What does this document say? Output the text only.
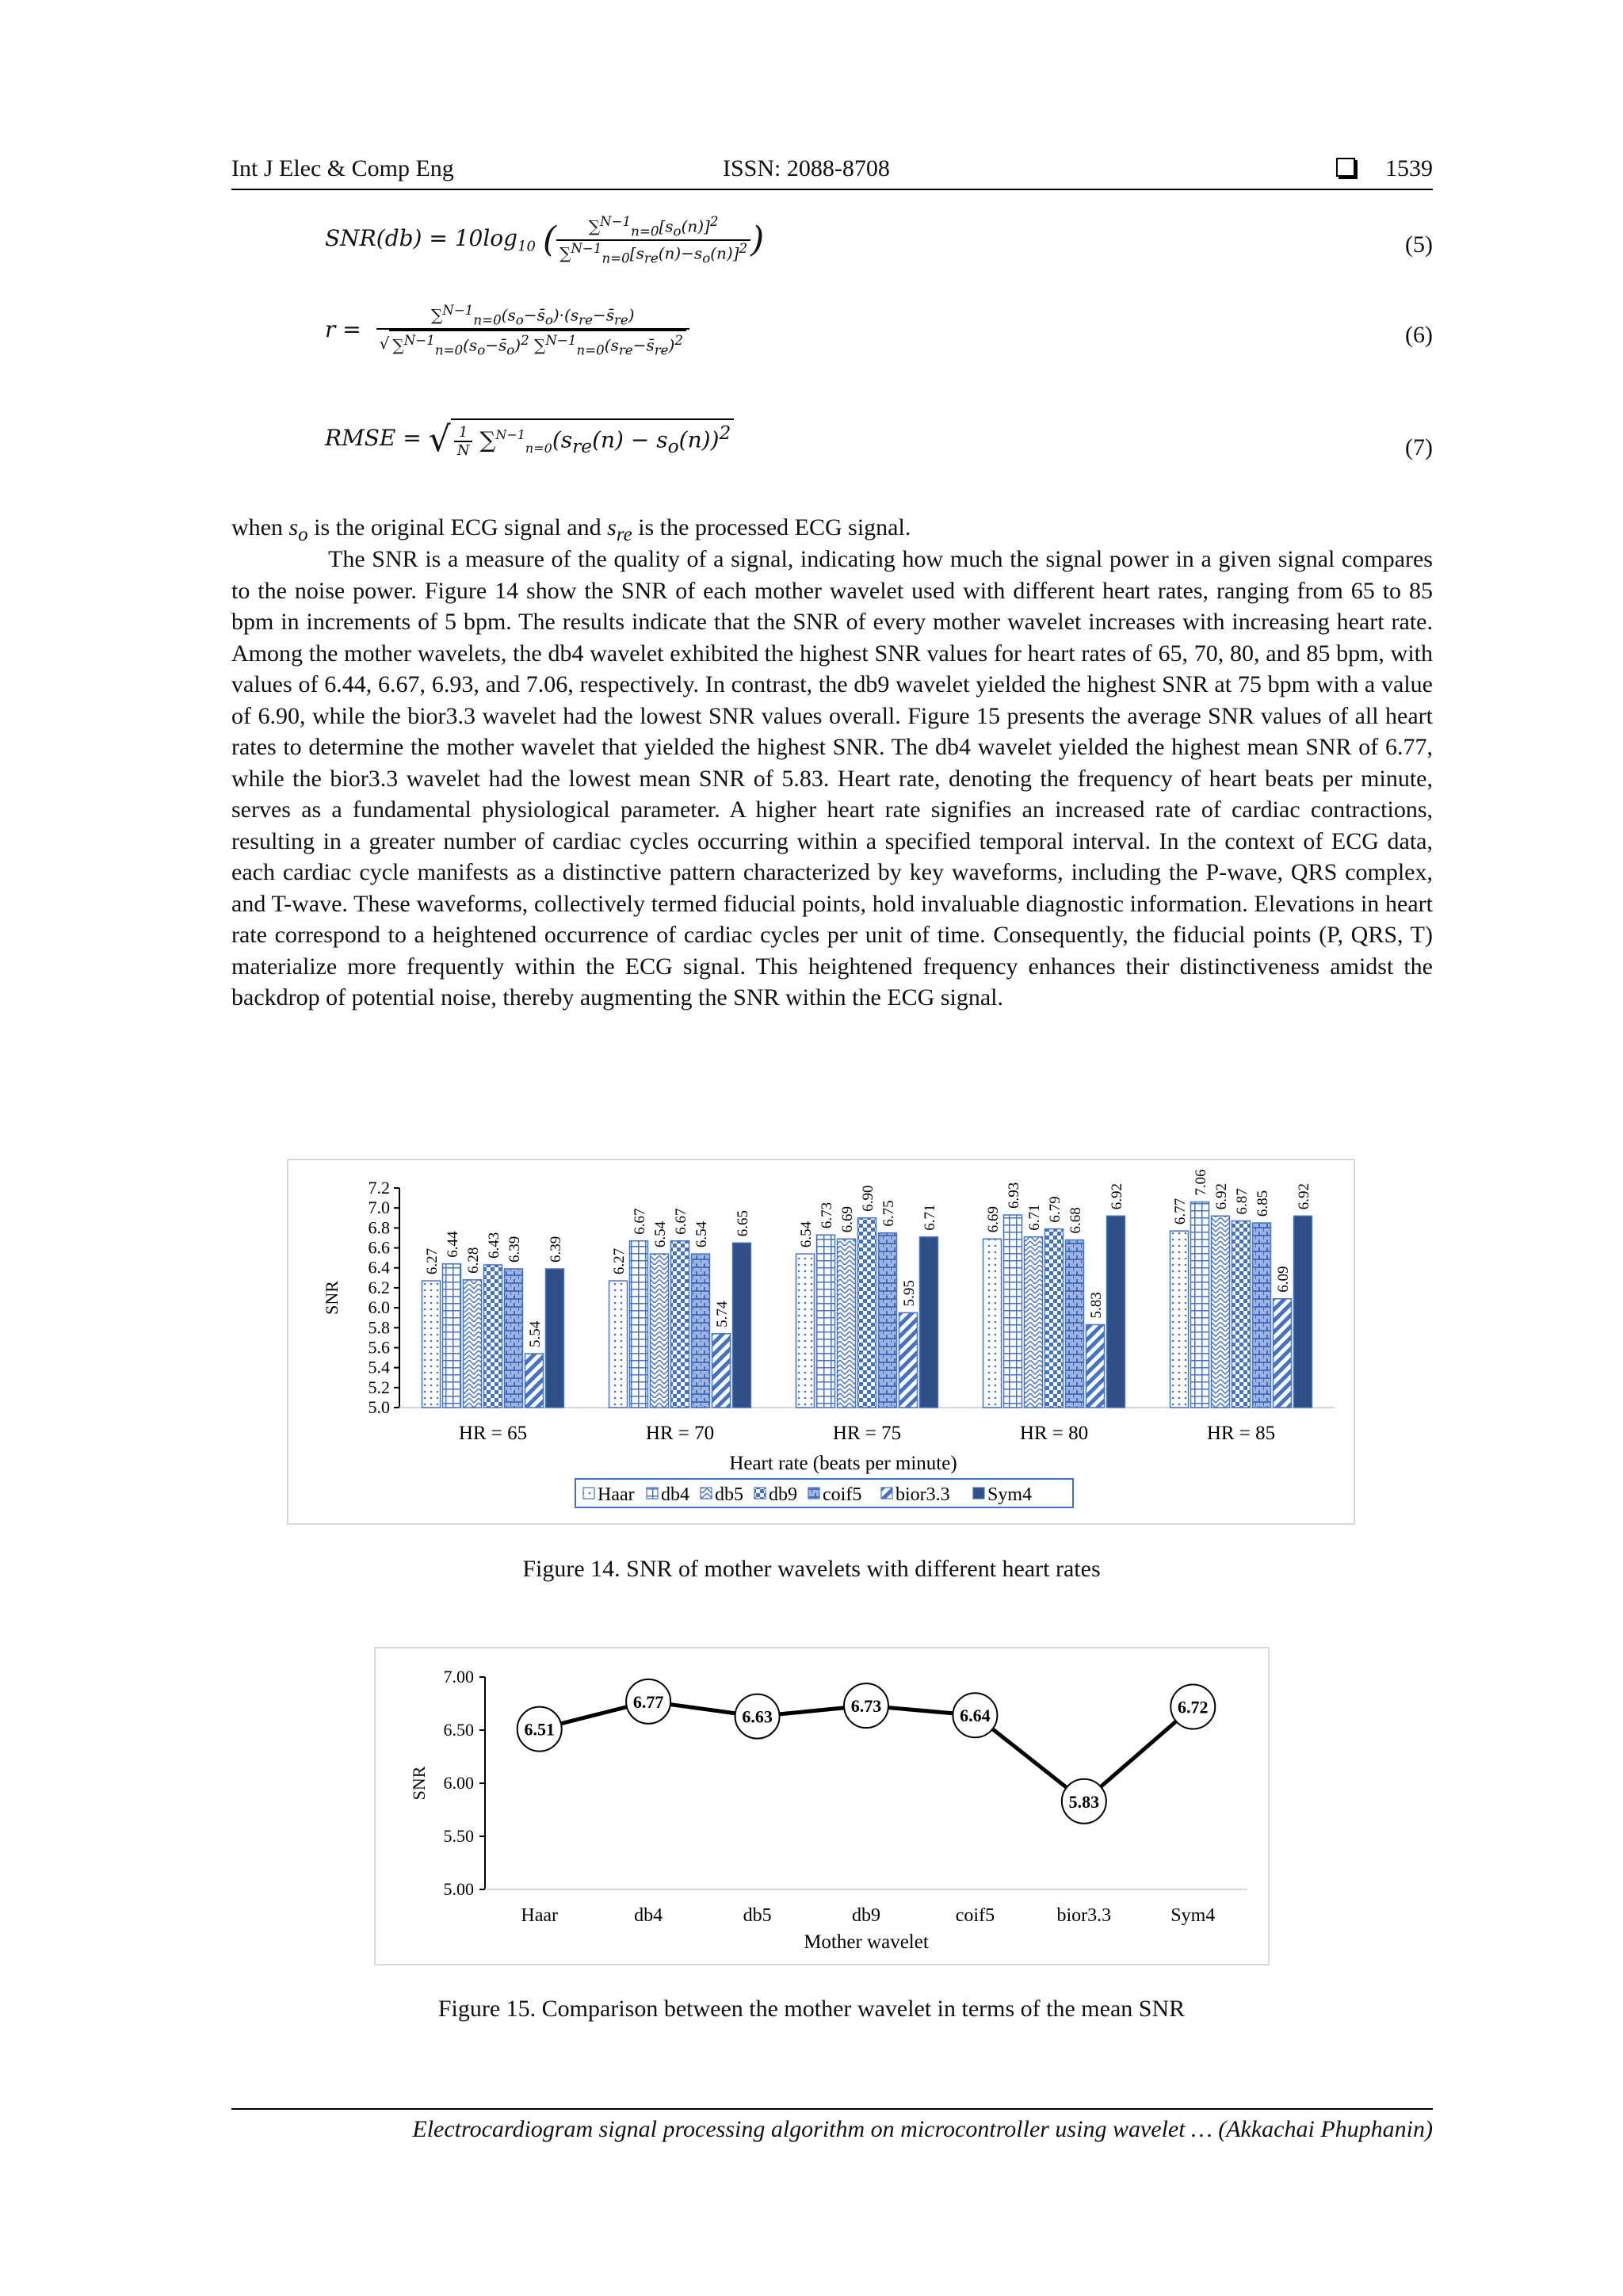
Int J Elec & Comp Eng	ISSN: 2088-8708	1539
$SNR(db) = 10\log_{10}$ ( $\frac{\sum^{N-1}_{n=0}[s_o(n)]^2}{\sum^{N-1}_{n=0}[s_{re}(n)-s_o(n)]^2}$ )	(5)
$r = \frac{\sum^{N-1}_{n=0}(s_o-s̄_o)\cdot(s_{re}-s̄_{re})}{√ \sum^{N-1}_{n=0}(s_o-s̄_o)^2 \sum^{N-1}_{n=0}(s_{re}-s̄_{re})^2}$	(6)
RMSE = √ $\frac{1}{N} \sum^{N-1}_{n=0}(s_{re}(n) - s_o(n))^2$
(7)
when $s_o$ is the original ECG signal and $s_{re}$ is the processed ECG signal.
The SNR is a measure of the quality of a signal, indicating how much the signal power in a given signal compares to the noise power. Figure 14 show the SNR of each mother wavelet used with different heart rates, ranging from 65 to 85 bpm in increments of 5 bpm. The results indicate that the SNR of every mother wavelet increases with increasing heart rate. Among the mother wavelets, the db4 wavelet exhibited the highest SNR values for heart rates of 65, 70, 80, and 85 bpm, with values of 6.44, 6.67, 6.93, and 7.06, respectively. In contrast, the db9 wavelet yielded the highest SNR at 75 bpm with a value of 6.90, while the bior3.3 wavelet had the lowest SNR values overall. Figure 15 presents the average SNR values of all heart rates to determine the mother wavelet that yielded the highest SNR. The db4 wavelet yielded the highest mean SNR of 6.77, while the bior3.3 wavelet had the lowest mean SNR of 5.83. Heart rate, denoting the frequency of heart beats per minute, serves as a fundamental physiological parameter. A higher heart rate signifies an increased rate of cardiac contractions, resulting in a greater number of cardiac cycles occurring within a specified temporal interval. In the context of ECG data, each cardiac cycle manifests as a distinctive pattern characterized by key waveforms, including the P-wave, QRS complex, and T-wave. These waveforms, collectively termed fiducial points, hold invaluable diagnostic information. Elevations in heart rate correspond to a heightened occurrence of cardiac cycles per unit of time. Consequently, the fiducial points (P, QRS, T) materialize more frequently within the ECG signal. This heightened frequency enhances their distinctiveness amidst the backdrop of potential noise, thereby augmenting the SNR within the ECG signal.
5.0
5.2
5.4
5.6
5.8
6.0
6.2
6.4
6.6
6.8
7.0
7.2
SNR
HR = 65
6.27
6.44
6.28
6.43 6.39
5.54
6.39
HR = 70
6.27
6.67 6.54 6.67 6.54
5.74
6.65
HR = 75
6.54
6.73 6.69
6.90
6.75
5.95
6.71
HR = 80
6.69
6.93
6.71 6.79 6.68
5.83
6.92
HR = 85
6.77
7.06
6.92 6.87 6.85
6.09
6.92
Heart rate (beats per minute)
Haar db4 db5 db9 coif5 bior3.3 Sym4
Figure 14. SNR of mother wavelets with different heart rates
5.00
5.50
6.00
6.50
7.00
SNR
6.51
Haar
6.77
db4
6.63
db5
6.73
db9
6.64
coif5
5.83
bior3.3
6.72
Sym4
Mother wavelet
Figure 15. Comparison between the mother wavelet in terms of the mean SNR
Electrocardiogram signal processing algorithm on microcontroller using wavelet … (Akkachai Phuphanin)
